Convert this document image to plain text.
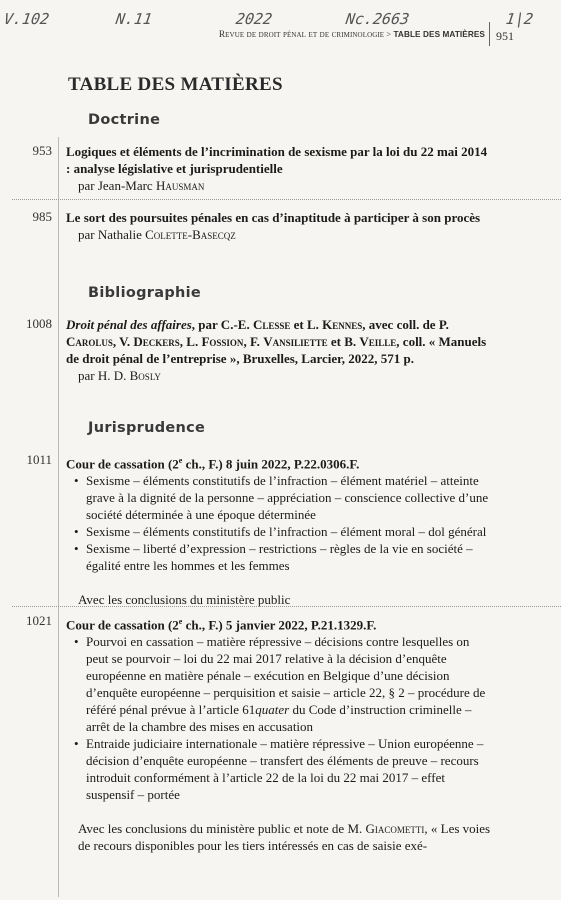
V.102	N.11	2022	Nc.2663	1|2
Revue de droit pénal et de criminologie > TABLE DES MATIÈRES 951
TABLE DES MATIÈRES
Doctrine
953 Logiques et éléments de l’incrimination de sexisme par la loi du 22 mai 2014 : analyse législative et jurisprudentielle
par Jean-Marc Hausman
985 Le sort des poursuites pénales en cas d’inaptitude à participer à son procès
par Nathalie Colette-Basecqz
Bibliographie
1008 Droit pénal des affaires, par C.-E. Clesse et L. Kennes, avec coll. de P. Carolus, V. Deckers, L. Fossion, F. Vansiliette et B. Veille, coll. « Manuels de droit pénal de l’entreprise », Bruxelles, Larcier, 2022, 571 p.
par H. D. Bosly
Jurisprudence
1011 Cour de cassation (2e ch., F.) 8 juin 2022, P.22.0306.F.
• Sexisme – éléments constitutifs de l’infraction – élément matériel – atteinte grave à la dignité de la personne – appréciation – conscience collective d’une société déterminée à une époque déterminée
• Sexisme – éléments constitutifs de l’infraction – élément moral – dol général
• Sexisme – liberté d’expression – restrictions – règles de la vie en société – égalité entre les hommes et les femmes
Avec les conclusions du ministère public
1021 Cour de cassation (2e ch., F.) 5 janvier 2022, P.21.1329.F.
• Pourvoi en cassation – matière répressive – décisions contre lesquelles on peut se pourvoir – loi du 22 mai 2017 relative à la décision d’enquête européenne en matière pénale – exécution en Belgique d’une décision d’enquête européenne – perquisition et saisie – article 22, § 2 – procédure de référé pénal prévue à l’article 61quater du Code d’instruction criminelle – arrêt de la chambre des mises en accusation
• Entraide judiciaire internationale – matière répressive – Union européenne – décision d’enquête européenne – transfert des éléments de preuve – recours introduit conformément à l’article 22 de la loi du 22 mai 2017 – effet suspensif – portée
Avec les conclusions du ministère public et note de M. Giacometti, « Les voies de recours disponibles pour les tiers intéressés en cas de saisie exé-
